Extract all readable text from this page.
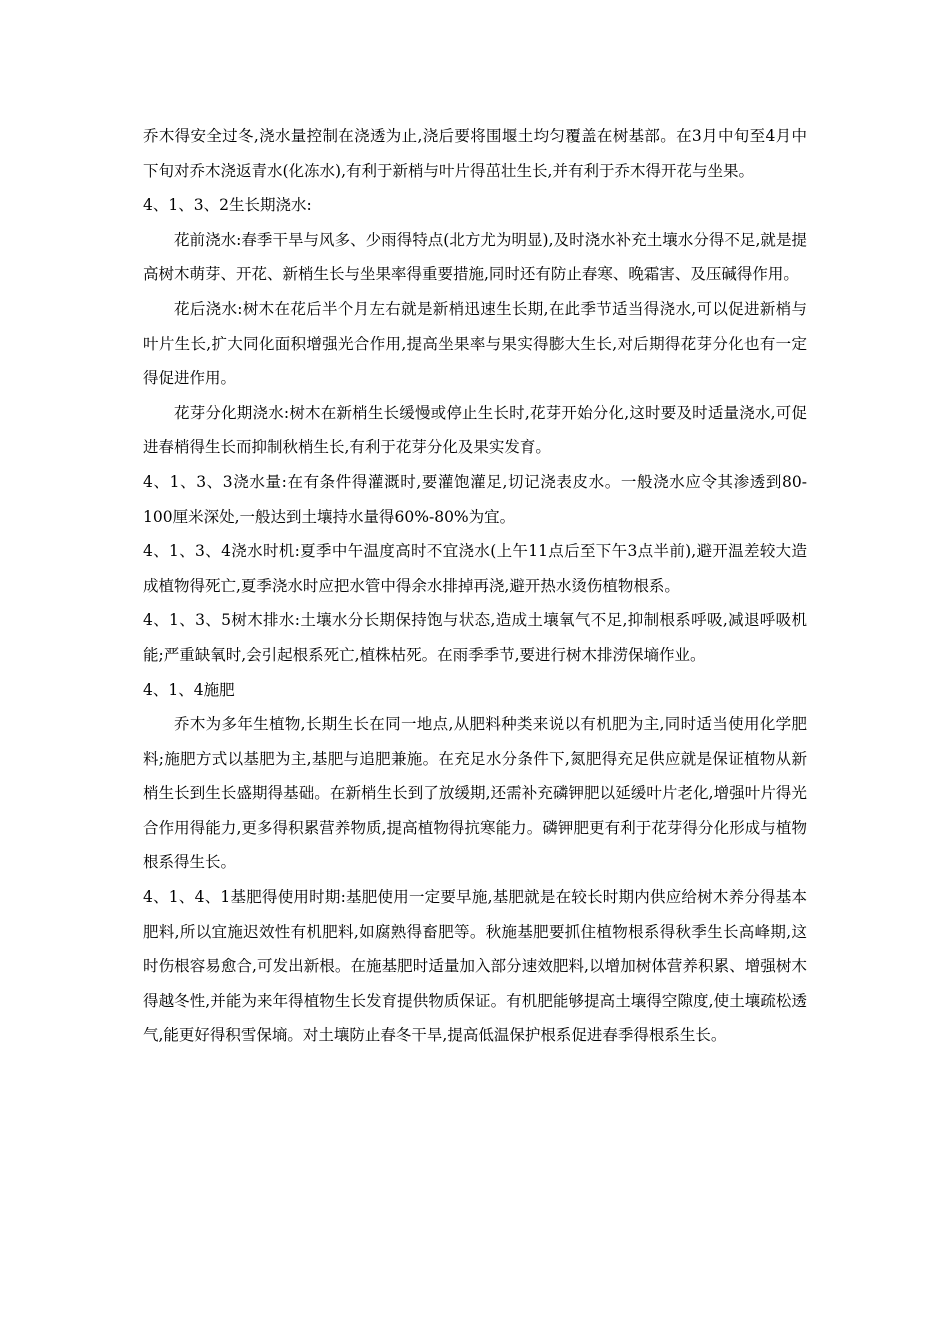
乔木得安全过冬,浇水量控制在浇透为止,浇后要将围堰土均匀覆盖在树基部。在3月中旬至4月中下旬对乔木浇返青水(化冻水),有利于新梢与叶片得茁壮生长,并有利于乔木得开花与坐果。

4、1、3、2生长期浇水:

花前浇水:春季干旱与风多、少雨得特点(北方尤为明显),及时浇水补充土壤水分得不足,就是提高树木萌芽、开花、新梢生长与坐果率得重要措施,同时还有防止春寒、晚霜害、及压碱得作用。

花后浇水:树木在花后半个月左右就是新梢迅速生长期,在此季节适当得浇水,可以促进新梢与叶片生长,扩大同化面积增强光合作用,提高坐果率与果实得膨大生长,对后期得花芽分化也有一定得促进作用。

花芽分化期浇水:树木在新梢生长缓慢或停止生长时,花芽开始分化,这时要及时适量浇水,可促进春梢得生长而抑制秋梢生长,有利于花芽分化及果实发育。

4、1、3、3浇水量:在有条件得灌溉时,要灌饱灌足,切记浇表皮水。一般浇水应令其渗透到80-100厘米深处,一般达到土壤持水量得60%-80%为宜。

4、1、3、4浇水时机:夏季中午温度高时不宜浇水(上午11点后至下午3点半前),避开温差较大造成植物得死亡,夏季浇水时应把水管中得余水排掉再浇,避开热水烫伤植物根系。

4、1、3、5树木排水:土壤水分长期保持饱与状态,造成土壤氧气不足,抑制根系呼吸,减退呼吸机能;严重缺氧时,会引起根系死亡,植株枯死。在雨季季节,要进行树木排涝保墒作业。

4、1、4施肥

乔木为多年生植物,长期生长在同一地点,从肥料种类来说以有机肥为主,同时适当使用化学肥料;施肥方式以基肥为主,基肥与追肥兼施。在充足水分条件下,氮肥得充足供应就是保证植物从新梢生长到生长盛期得基础。在新梢生长到了放缓期,还需补充磷钾肥以延缓叶片老化,增强叶片得光合作用得能力,更多得积累营养物质,提高植物得抗寒能力。磷钾肥更有利于花芽得分化形成与植物根系得生长。

4、1、4、1基肥得使用时期:基肥使用一定要早施,基肥就是在较长时期内供应给树木养分得基本肥料,所以宜施迟效性有机肥料,如腐熟得畜肥等。秋施基肥要抓住植物根系得秋季生长高峰期,这时伤根容易愈合,可发出新根。在施基肥时适量加入部分速效肥料,以增加树体营养积累、增强树木得越冬性,并能为来年得植物生长发育提供物质保证。有机肥能够提高土壤得空隙度,使土壤疏松透气,能更好得积雪保墒。对土壤防止春冬干旱,提高低温保护根系促进春季得根系生长。
